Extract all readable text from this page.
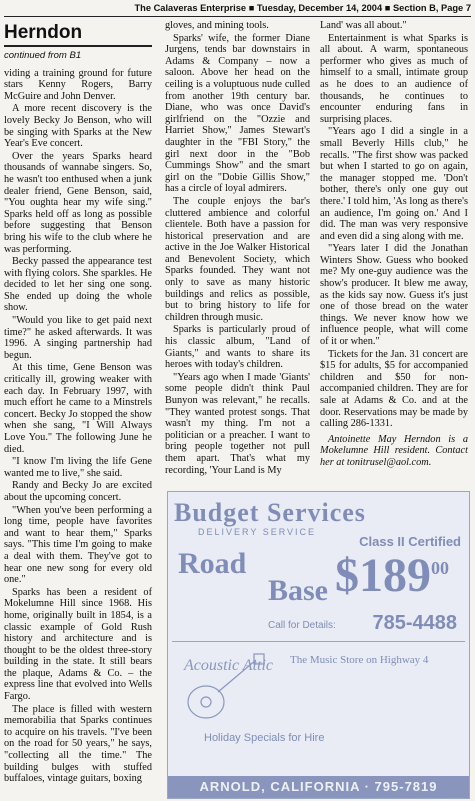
The Calaveras Enterprise ■ Tuesday, December 14, 2004 ■ Section B, Page 7
Herndon
continued from B1

viding a training ground for future stars Kenny Rogers, Barry McGuire and John Denver.

A more recent discovery is the lovely Becky Jo Benson, who will be singing with Sparks at the New Year's Eve concert.

Over the years Sparks heard thousands of wannabe singers. So, he wasn't too enthused when a junk dealer friend, Gene Benson, said, "You oughta hear my wife sing." Sparks held off as long as possible before suggesting that Benson bring his wife to the club where he was performing.

Becky passed the appearance test with flying colors. She sparkles. He decided to let her sing one song. She ended up doing the whole show.

"Would you like to get paid next time?" he asked afterwards. It was 1996. A singing partnership had begun.

At this time, Gene Benson was critically ill, growing weaker with each day. In February 1997, with much effort he came to a Minstrels concert. Becky Jo stopped the show when she sang, "I Will Always Love You." The following June he died.

"I know I'm living the life Gene wanted me to live," she said.

Randy and Becky Jo are excited about the upcoming concert.

"When you've been performing a long time, people have favorites and want to hear them," Sparks says. "This time I'm going to make a deal with them. They've got to hear one new song for every old one."

Sparks has been a resident of Mokelumne Hill since 1968. His home, originally built in 1854, is a classic example of Gold Rush history and architecture and is thought to be the oldest three-story building in the state. It still bears the plaque, Adams & Co. – the express line that evolved into Wells Fargo.

The place is filled with western memorabilia that Sparks continues to acquire on his travels. "I've been on the road for 50 years," he says, "collecting all the time." The building bulges with stuffed buffaloes, vintage guitars, boxing

gloves, and mining tools.

Sparks' wife, the former Diane Jurgens, tends bar downstairs in Adams & Company – now a saloon. Above her head on the ceiling is a voluptuous nude culled from another 19th century bar. Diane, who was once David's girlfriend on the "Ozzie and Harriet Show," James Stewart's daughter in the "FBI Story," the girl next door in the "Bob Cummings Show" and the smart girl on the "Dobie Gillis Show," has a circle of loyal admirers.

The couple enjoys the bar's cluttered ambience and colorful clientele. Both have a passion for historical preservation and are active in the Joe Walker Historical and Benevolent Society, which Sparks founded. They want not only to save as many historic buildings and relics as possible, but to bring history to life for children through music.

Sparks is particularly proud of his classic album, "Land of Giants," and wants to share its heroes with today's children.

"Years ago when I made 'Giants' some people didn't think Paul Bunyon was relevant," he recalls. "They wanted protest songs. That wasn't my thing. I'm not a politician or a preacher. I want to bring people together not pull them apart. That's what my recording, 'Your Land is My

Land' was all about."

Entertainment is what Sparks is all about. A warm, spontaneous performer who gives as much of himself to a small, intimate group as he does to an audience of thousands, he continues to encounter enduring fans in surprising places.

"Years ago I did a single in a small Beverly Hills club," he recalls. "The first show was packed but when I started to go on again, the manager stopped me. 'Don't bother, there's only one guy out there.' I told him, 'As long as there's an audience, I'm going on.' And I did. The man was very responsive and even did a sing along with me.

"Years later I did the Jonathan Winters Show. Guess who booked me? My one-guy audience was the show's producer. It blew me away, as the kids say now. Guess it's just one of those bread on the water things. We never know how we influence people, what will come of it or when."

Tickets for the Jan. 31 concert are $15 for adults, $5 for accompanied children and $50 for non-accompanied children. They are for sale at Adams & Co. and at the door. Reservations may be made by calling 286-1331.

Antoinette May Herndon is a Mokelumne Hill resident. Contact her at tonitrusel@aol.com.

Budget Services
DELIVERY SERVICE
Class II Certified
Road
Base $\$189^{00}$
Call for Details: 785-4488
Acoustic Attic The Music Store on Highway 4
Holiday Specials for Hire
ARNOLD, CALIFORNIA · 795-7819
